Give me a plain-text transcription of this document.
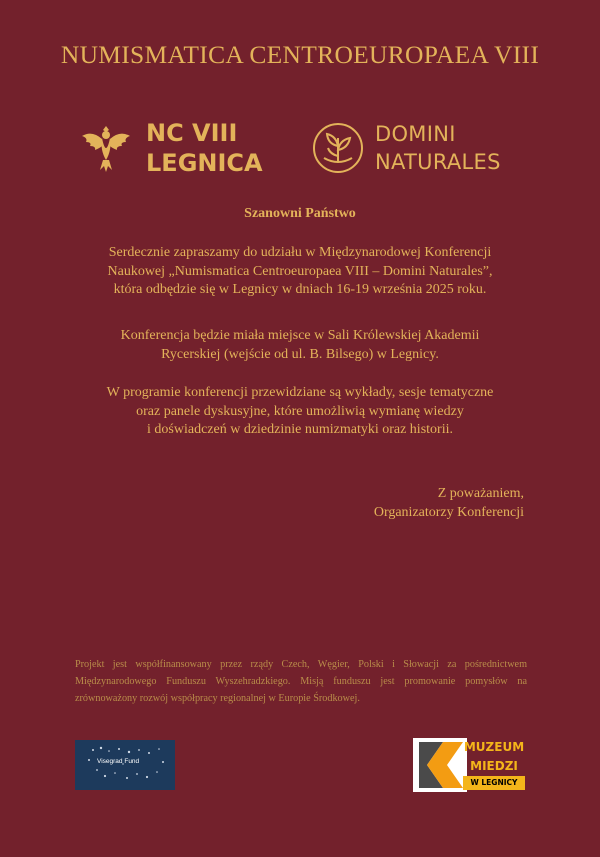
NUMISMATICA CENTROEUROPAEA VIII
NC VIII
LEGNICA
DOMINI
NATURALES
Szanowni Państwo
Serdecznie zapraszamy do udziału w Międzynarodowej Konferencji
Naukowej „Numismatica Centroeuropaea VIII – Domini Naturales”,
która odbędzie się w Legnicy w dniach 16-19 września 2025 roku.
Konferencja będzie miała miejsce w Sali Królewskiej Akademii
Rycerskiej (wejście od ul. B. Bilsego) w Legnicy.
W programie konferencji przewidziane są wykłady, sesje tematyczne
oraz panele dyskusyjne, które umożliwią wymianę wiedzy
i doświadczeń w dziedzinie numizmatyki oraz historii.
Z poważaniem,
Organizatorzy Konferencji
Projekt jest współfinansowany przez rządy Czech, Węgier, Polski i Słowacji za pośrednictwem Międzynarodowego Funduszu Wyszehradzkiego. Misją funduszu jest promowanie pomysłów na zrównoważony rozwój współpracy regionalnej w Europie Środkowej.
Visegrad Fund
MUZEUM
MIEDZI
W LEGNICY
